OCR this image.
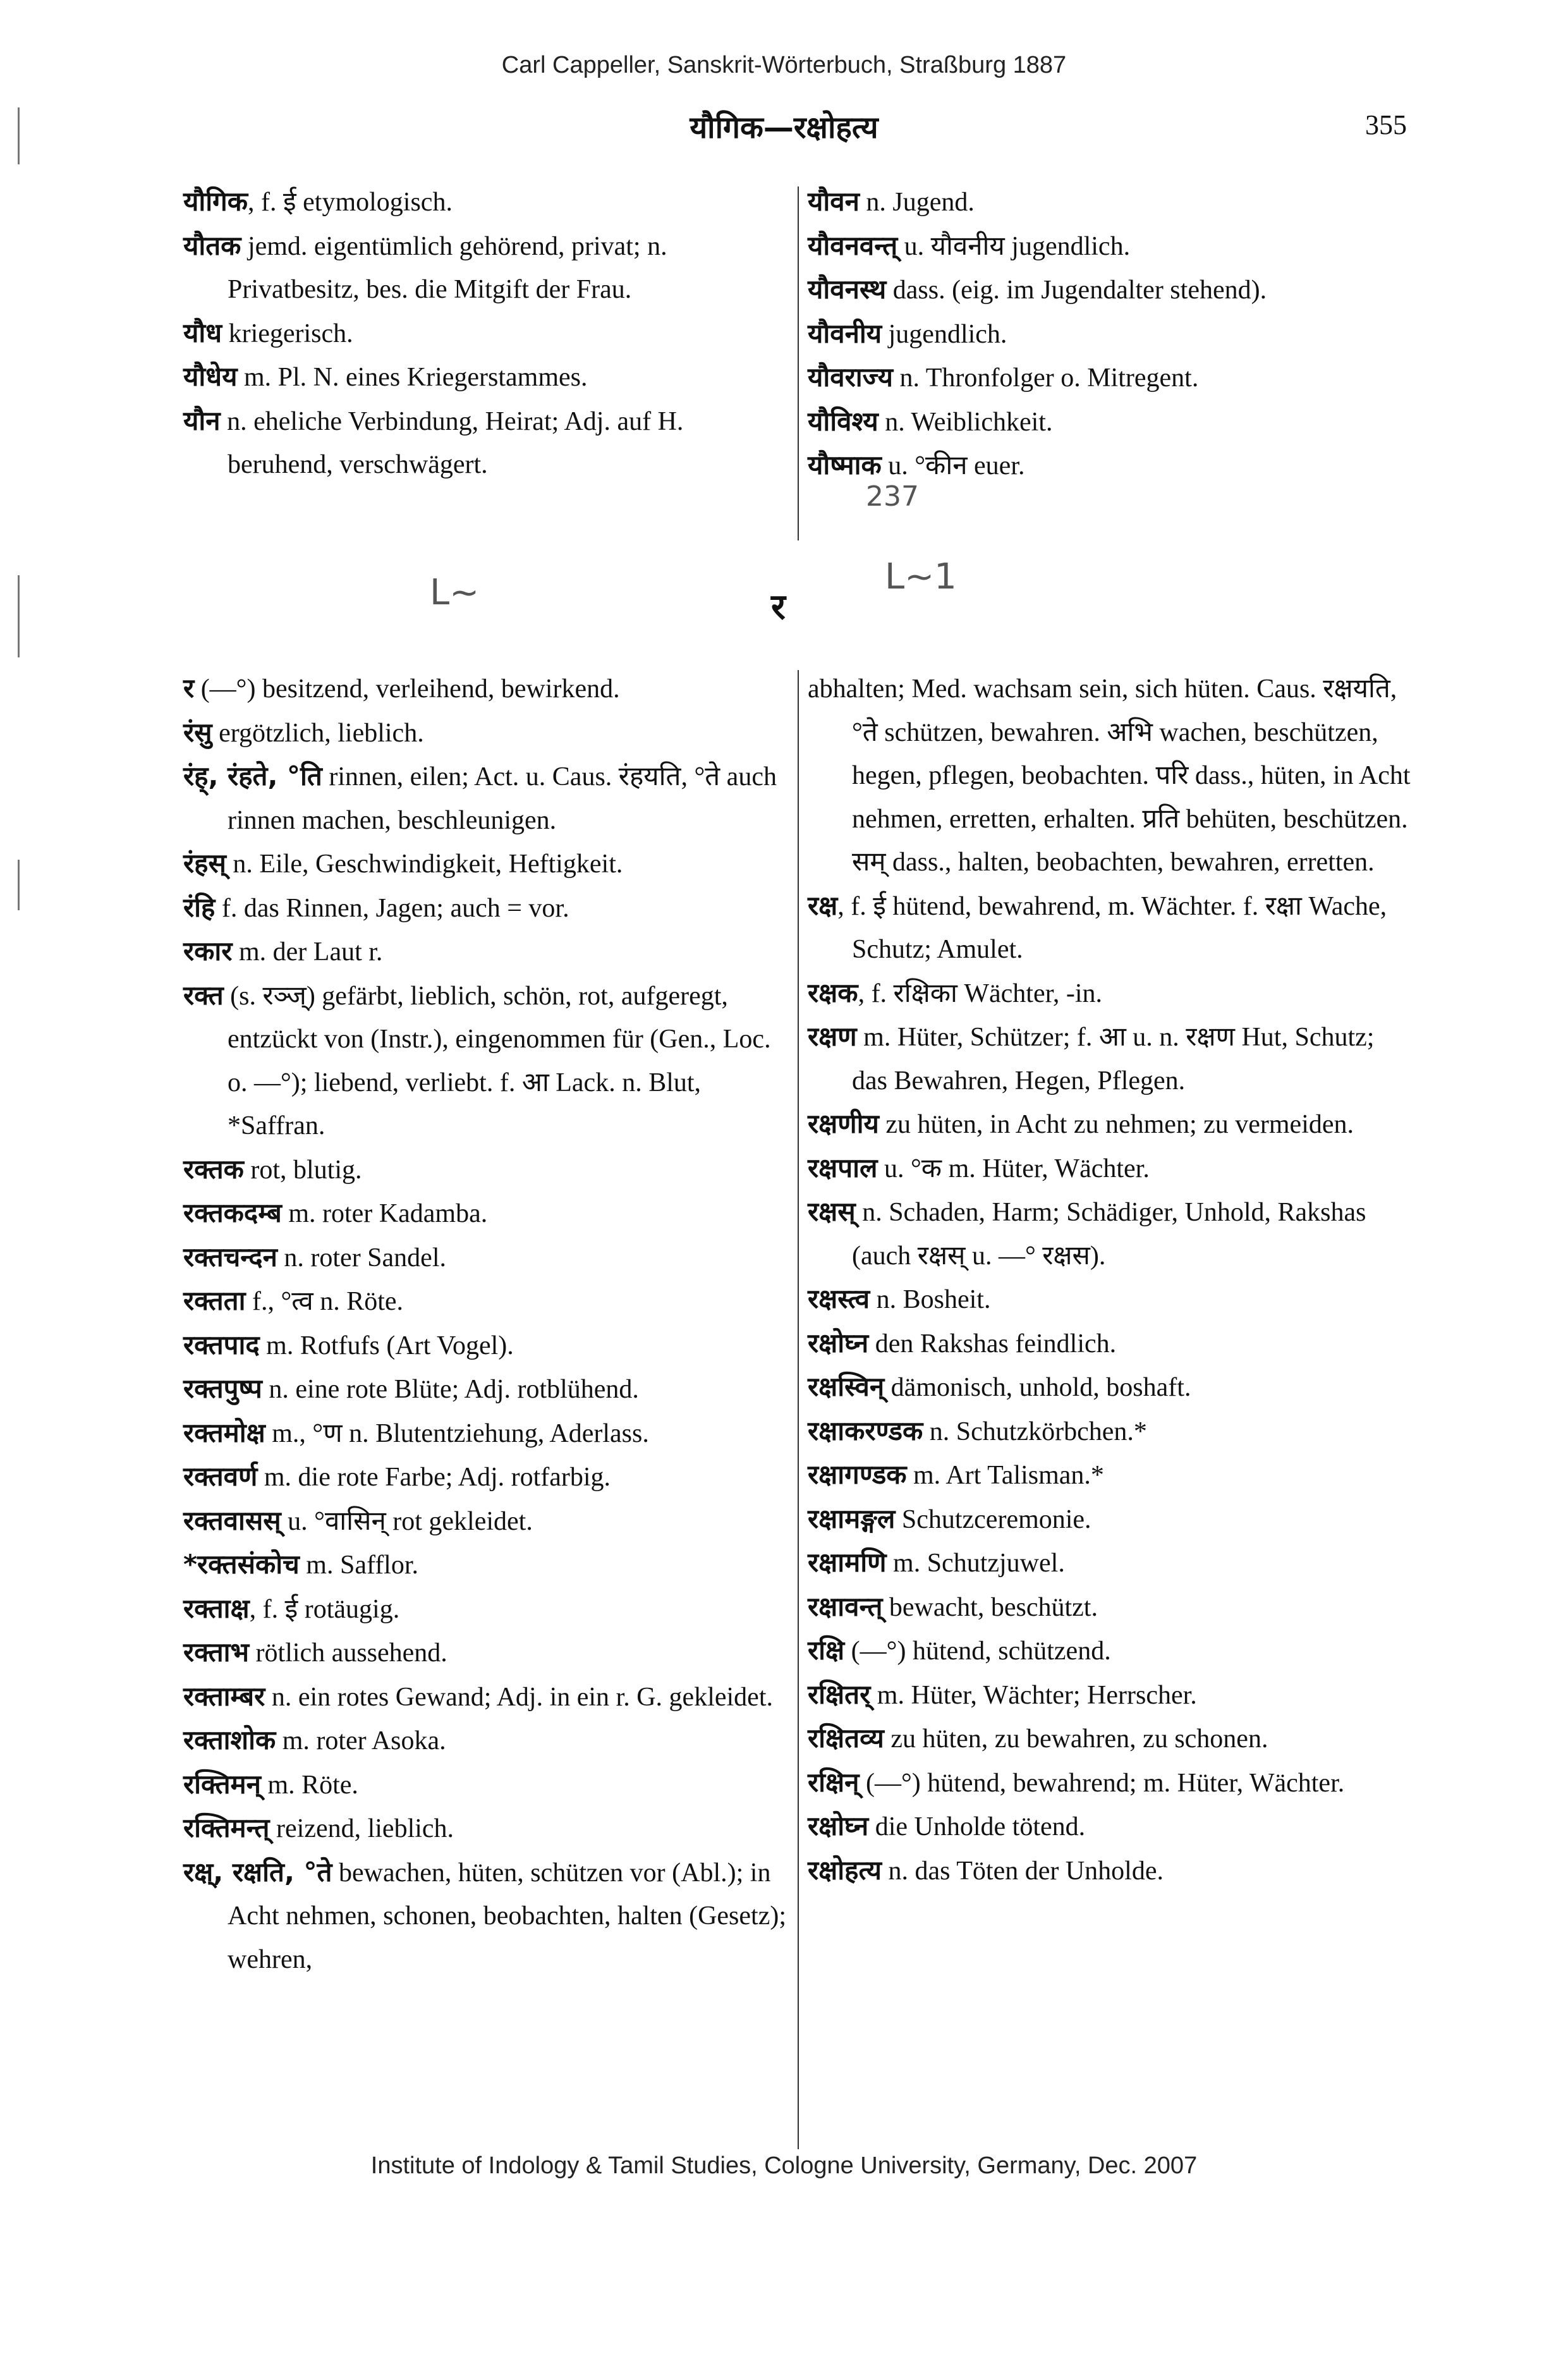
Carl Cappeller, Sanskrit-Wörterbuch, Straßburg 1887
यौगिक—रक्षोहत्य	355

यौगिक, f. ई etymologisch.

यौतक jemd. eigentümlich gehörend, privat; n. Privatbesitz, bes. die Mitgift der Frau.

यौध kriegerisch.

यौधेय m. Pl. N. eines Kriegerstammes.

यौन n. eheliche Verbindung, Heirat; Adj. auf H. beruhend, verschwägert.

यौवन n. Jugend.

यौवनवन्त् u. यौवनीय jugendlich.

यौवनस्थ dass. (eig. im Jugendalter stehend).

यौवनीय jugendlich.

यौवराज्य n. Thronfolger o. Mitregent.

यौविश्य n. Weiblichkeit.

यौष्माक u. °कीन euer.

237
L~	L~1
र

र (—°) besitzend, verleihend, bewirkend.

रंसु ergötzlich, lieblich.

रंह्, रंहते, °ति rinnen, eilen; Act. u. Caus. रंहयति, °ते auch rinnen machen, beschleunigen.

रंहस् n. Eile, Geschwindigkeit, Heftigkeit.

रंहि f. das Rinnen, Jagen; auch = vor.

रकार m. der Laut r.

रक्त (s. रञ्ज्) gefärbt, lieblich, schön, rot, aufgeregt, entzückt von (Instr.), eingenommen für (Gen., Loc. o. —°); liebend, verliebt. f. आ Lack. n. Blut, *Saffran.

रक्तक rot, blutig.

रक्तकदम्ब m. roter Kadamba.

रक्तचन्दन n. roter Sandel.

रक्तता f., °त्व n. Röte.

रक्तपाद m. Rotfufs (Art Vogel).

रक्तपुष्प n. eine rote Blüte; Adj. rotblühend.

रक्तमोक्ष m., °ण n. Blutentziehung, Aderlass.

रक्तवर्ण m. die rote Farbe; Adj. rotfarbig.

रक्तवासस् u. °वासिन् rot gekleidet.

*रक्तसंकोच m. Safflor.

रक्ताक्ष, f. ई rotäugig.

रक्ताभ rötlich aussehend.

रक्ताम्बर n. ein rotes Gewand; Adj. in ein r. G. gekleidet.

रक्ताशोक m. roter Asoka.

रक्तिमन् m. Röte.

रक्तिमन्त् reizend, lieblich.

रक्ष्, रक्षति, °ते bewachen, hüten, schützen vor (Abl.); in Acht nehmen, schonen, beobachten, halten (Gesetz); wehren,

abhalten; Med. wachsam sein, sich hüten. Caus. रक्षयति, °ते schützen, bewahren. अभि wachen, beschützen, hegen, pflegen, beobachten. परि dass., hüten, in Acht nehmen, erretten, erhalten. प्रति behüten, beschützen. सम् dass., halten, beobachten, bewahren, erretten.

रक्ष, f. ई hütend, bewahrend, m. Wächter. f. रक्षा Wache, Schutz; Amulet.

रक्षक, f. रक्षिका Wächter, -in.

रक्षण m. Hüter, Schützer; f. आ u. n. रक्षण Hut, Schutz; das Bewahren, Hegen, Pflegen.

रक्षणीय zu hüten, in Acht zu nehmen; zu vermeiden.

रक्षपाल u. °क m. Hüter, Wächter.

रक्षस् n. Schaden, Harm; Schädiger, Unhold, Rakshas (auch रक्षस् u. —° रक्षस).

रक्षस्त्व n. Bosheit.

रक्षोघ्न den Rakshas feindlich.

रक्षस्विन् dämonisch, unhold, boshaft.

रक्षाकरण्डक n. Schutzkörbchen.*

रक्षागण्डक m. Art Talisman.*

रक्षामङ्गल Schutzceremonie.

रक्षामणि m. Schutzjuwel.

रक्षावन्त् bewacht, beschützt.

रक्षि (—°) hütend, schützend.

रक्षितर् m. Hüter, Wächter; Herrscher.

रक्षितव्य zu hüten, zu bewahren, zu schonen.

रक्षिन् (—°) hütend, bewahrend; m. Hüter, Wächter.

रक्षोघ्न die Unholde tötend.

रक्षोहत्य n. das Töten der Unholde.

Institute of Indology & Tamil Studies, Cologne University, Germany, Dec. 2007
